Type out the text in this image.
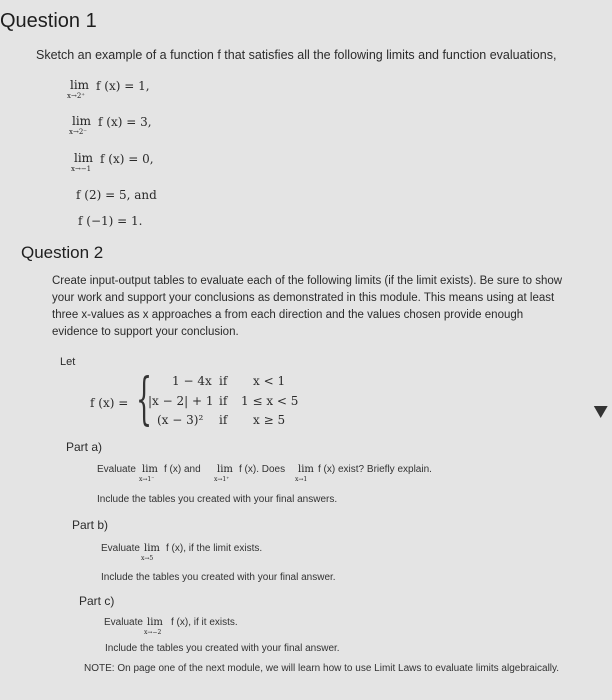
Question 1
Sketch an example of a function f that satisfies all the following limits and function evaluations,
lim
x→2⁺
f (x) = 1,
lim
x→2⁻
f (x) = 3,
lim
x→−1
f (x) = 0,
f (2) = 5, and
f (−1) = 1.
Question 2
Create input-output tables to evaluate each of the following limits (if the limit exists). Be sure to show your work and support your conclusions as demonstrated in this module. This means using at least three x-values as x approaches a from each direction and the values chosen provide enough evidence to support your conclusion.
Let
f (x) = { 1 − 4x if x < 1
|x − 2| + 1 if 1 ≤ x < 5
(x − 3)² if x ≥ 5
Part a)
Evaluate lim
x→1⁻
f (x) and lim
x→1⁺
f (x). Does lim
x→1
f (x) exist? Briefly explain.
Include the tables you created with your final answers.
Part b)
Evaluate lim
x→5
f (x), if the limit exists.
Include the tables you created with your final answer.
Part c)
Evaluate lim
x→−2
f (x), if it exists.
Include the tables you created with your final answer.
NOTE: On page one of the next module, we will learn how to use Limit Laws to evaluate limits algebraically.
